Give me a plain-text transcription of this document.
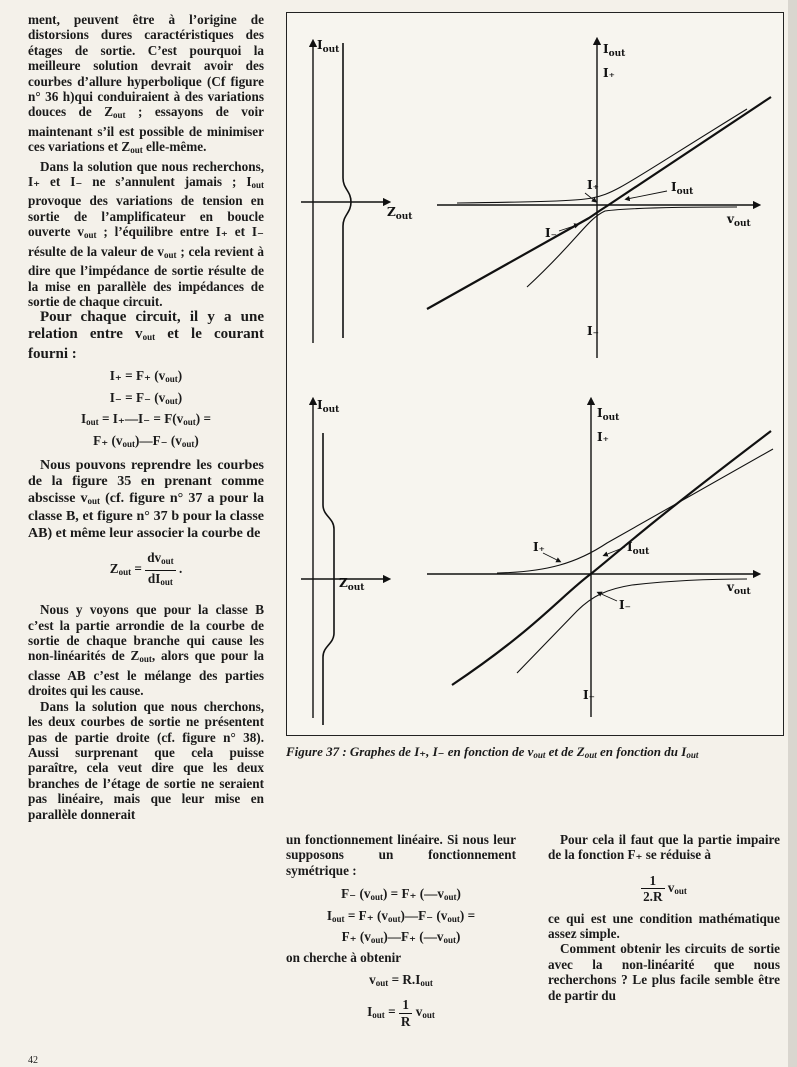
ment, peuvent être à l’origine de distorsions dures caractéristiques des étages de sortie. C’est pourquoi la meilleure solution devrait avoir des courbes d’allure hyperbolique (Cf figure n° 36 h)qui conduiraient à des variations douces de $Z_{out}$ ; essayons de voir maintenant s’il est possible de minimiser ces variations et $Z_{out}$ elle-même.

Dans la solution que nous recherchons, I₊ et I₋ ne s’annulent jamais ; $I_{out}$ provoque des variations de tension en sortie de l’amplificateur en boucle ouverte $v_{out}$ ; l’équilibre entre I₊ et I₋ résulte de la valeur de $v_{out}$ ; cela revient à dire que l’impédance de sortie résulte de la mise en parallèle des impédances de sortie de chaque circuit.

Pour chaque circuit, il y a une relation entre $v_{out}$ et le courant fourni :

I₊ = F₊ $(v_{out})$
I₋ = F₋ $(v_{out})$
$I_{out}$ = I₊—I₋ = $F(v_{out})$ =
F₊ $(v_{out})—F_-$ $(v_{out})$

Nous pouvons reprendre les courbes de la figure 35 en prenant comme abscisse $v_{out}$ (cf. figure n° 37 a pour la classe B, et figure n° 37 b pour la classe AB) et même leur associer la courbe de

$Z_{out} = \frac{dv_{out}}{dI_{out}}$ .

Nous y voyons que pour la classe B c’est la partie arrondie de la courbe de sortie de chaque branche qui cause les non-linéarités de $Z_{out}$, alors que pour la classe AB c’est le mélange des parties droites qui les cause.

Dans la solution que nous cherchons, les deux courbes de sortie ne présentent pas de partie droite (cf. figure n° 38). Aussi surprenant que cela puisse paraître, cela veut dire que les deux branches de l’étage de sortie ne seraient pas linéaire, mais que leur mise en parallèle donnerait

$I_{out}$
$Z_{out}$
$I_{out}$
I₊
I₋
I₊	$I_{out}$
I₋
$v_{out}$
$I_{out}$
$Z_{out}$
$I_{out}$
I₊
I₋
I₊	$I_{out}$
I₋
$v_{out}$
Figure 37 : Graphes de I₊, I₋ en fonction de $v_{out}$ et de $Z_{out}$ en fonction du $I_{out}$

un fonctionnement linéaire. Si nous leur supposons un fonctionnement symétrique :

F₋ $(v_{out}) = F_+$ $(—v_{out})$
$I_{out} = F_+$ $(v_{out})—F_-$ $(v_{out})$ =
F₊ $(v_{out})—F_+$ $(—v_{out})$

on cherche à obtenir

$v_{out} = R.I_{out}$
$I_{out} = \frac{1}{R} v_{out}$

Pour cela il faut que la partie impaire de la fonction F₊ se réduise à

$\frac{1}{2.R} v_{out}$

ce qui est une condition mathématique assez simple.

Comment obtenir les circuits de sortie avec la non-linéarité que nous recherchons ? Le plus facile semble être de partir du

42
